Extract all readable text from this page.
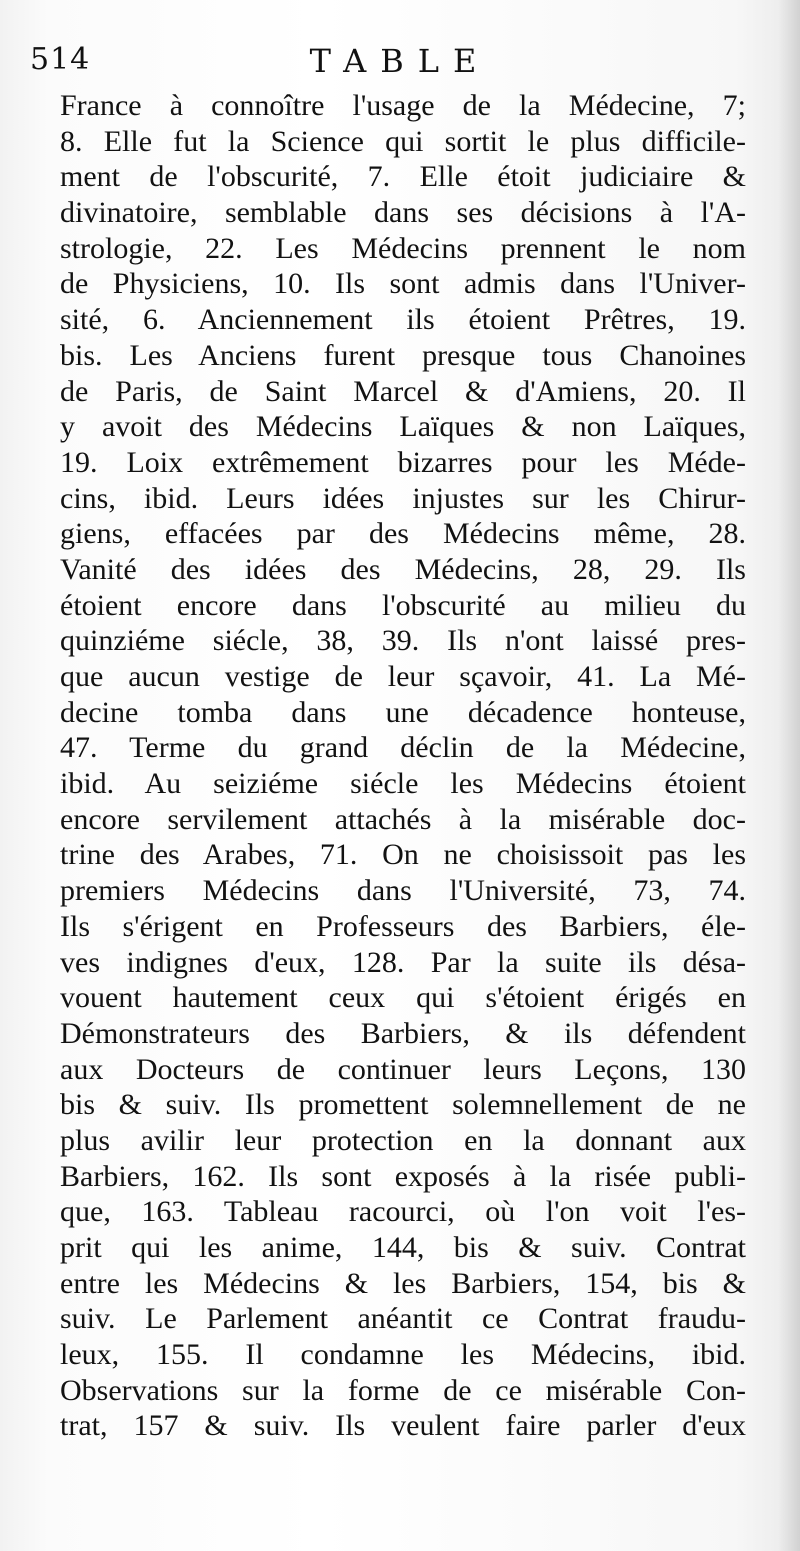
514	TABLE
France à connoître l'usage de la Médecine, 7;
8. Elle fut la Science qui sortit le plus difficile-
ment de l'obscurité, 7. Elle étoit judiciaire &
divinatoire, semblable dans ses décisions à l'A-
strologie, 22. Les Médecins prennent le nom
de Physiciens, 10. Ils sont admis dans l'Univer-
sité, 6. Anciennement ils étoient Prêtres, 19.
bis. Les Anciens furent presque tous Chanoines
de Paris, de Saint Marcel & d'Amiens, 20. Il
y avoit des Médecins Laïques & non Laïques,
19. Loix extrêmement bizarres pour les Méde-
cins, ibid. Leurs idées injustes sur les Chirur-
giens, effacées par des Médecins même, 28.
Vanité des idées des Médecins, 28, 29. Ils
étoient encore dans l'obscurité au milieu du
quinziéme siécle, 38, 39. Ils n'ont laissé pres-
que aucun vestige de leur sçavoir, 41. La Mé-
decine tomba dans une décadence honteuse,
47. Terme du grand déclin de la Médecine,
ibid. Au seiziéme siécle les Médecins étoient
encore servilement attachés à la misérable doc-
trine des Arabes, 71. On ne choisissoit pas les
premiers Médecins dans l'Université, 73, 74.
Ils s'érigent en Professeurs des Barbiers, éle-
ves indignes d'eux, 128. Par la suite ils désa-
vouent hautement ceux qui s'étoient érigés en
Démonstrateurs des Barbiers, & ils défendent
aux Docteurs de continuer leurs Leçons, 130
bis & suiv. Ils promettent solemnellement de ne
plus avilir leur protection en la donnant aux
Barbiers, 162. Ils sont exposés à la risée publi-
que, 163. Tableau racourci, où l'on voit l'es-
prit qui les anime, 144, bis & suiv. Contrat
entre les Médecins & les Barbiers, 154, bis &
suiv. Le Parlement anéantit ce Contrat fraudu-
leux, 155. Il condamne les Médecins, ibid.
Observations sur la forme de ce misérable Con-
trat, 157 & suiv. Ils veulent faire parler d'eux
